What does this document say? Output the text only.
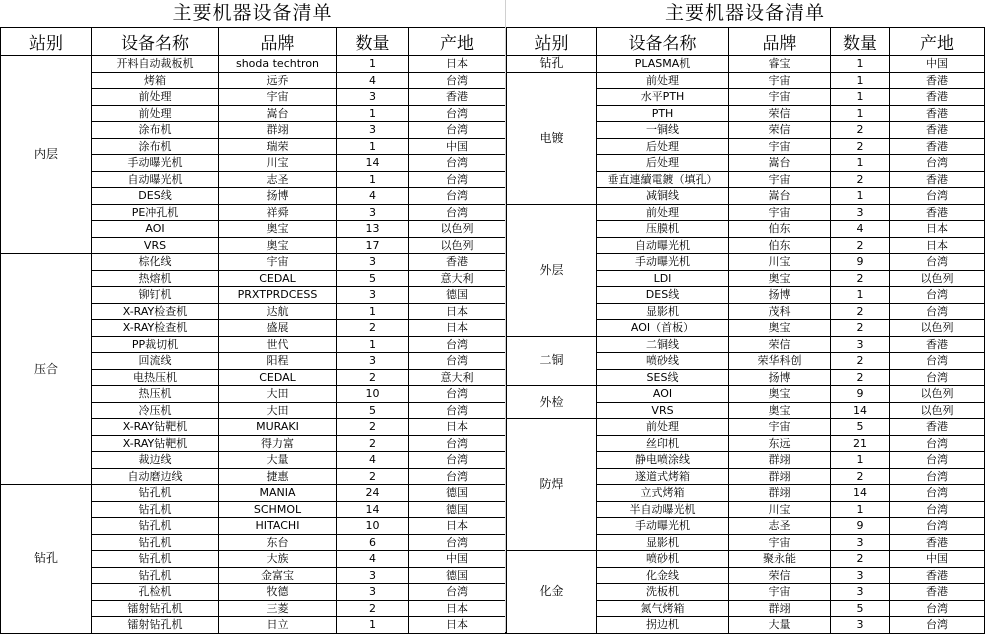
主要机器设备清单
站别	设备名称	品牌	数量	产地
内层	开料自动裁板机	shoda techtron	1	日本
	烤箱	远乔	4	台湾
	前处理	宇宙	3	香港
	前处理	嵩台	1	台湾
	涂布机	群翊	3	台湾
	涂布机	瑞荣	1	中国
	手动曝光机	川宝	14	台湾
	自动曝光机	志圣	1	台湾
	DES线	扬博	4	台湾
	PE冲孔机	祥舜	3	台湾
	AOI	奥宝	13	以色列
	VRS	奥宝	17	以色列
压合	棕化线	宇宙	3	香港
	热熔机	CEDAL	5	意大利
	铆钉机	PRXTPRDCESS	3	德国
	X-RAY检查机	达航	1	日本
	X-RAY检查机	盛展	2	日本
	PP裁切机	世代	1	台湾
	回流线	阳程	3	台湾
	电热压机	CEDAL	2	意大利
	热压机	大田	10	台湾
	冷压机	大田	5	台湾
	X-RAY钻靶机	MURAKI	2	日本
	X-RAY钻靶机	得力富	2	台湾
	裁边线	大量	4	台湾
	自动磨边线	捷惠	2	台湾
钻孔	钻孔机	MANIA	24	德国
	钻孔机	SCHMOL	14	德国
	钻孔机	HITACHI	10	日本
	钻孔机	东台	6	台湾
	钻孔机	大族	4	中国
	钻孔机	金富宝	3	德国
	孔检机	牧德	3	台湾
	镭射钻孔机	三菱	2	日本
	镭射钻孔机	日立	1	日本
主要机器设备清单
站别	设备名称	品牌	数量	产地
钻孔	PLASMA机	睿宝	1	中国
电镀	前处理	宇宙	1	香港
	水平PTH	宇宙	1	香港
	PTH	荣信	1	香港
	一铜线	荣信	2	香港
	后处理	宇宙	2	香港
	后处理	嵩台	1	台湾
	垂直連續電鍍（填孔）	宇宙	2	香港
	减铜线	嵩台	1	台湾
外层	前处理	宇宙	3	香港
	压膜机	伯东	4	日本
	自动曝光机	伯东	2	日本
	手动曝光机	川宝	9	台湾
	LDI	奥宝	2	以色列
	DES线	扬博	1	台湾
	显影机	茂科	2	台湾
	AOI（首板）	奥宝	2	以色列
二铜	二铜线	荣信	3	香港
	喷砂线	荣华科创	2	台湾
	SES线	扬博	2	台湾
外检	AOI	奥宝	9	以色列
	VRS	奥宝	14	以色列
防焊	前处理	宇宙	5	香港
	丝印机	东远	21	台湾
	静电喷涂线	群翊	1	台湾
	遂道式烤箱	群翊	2	台湾
	立式烤箱	群翊	14	台湾
	半自动曝光机	川宝	1	台湾
	手动曝光机	志圣	9	台湾
	显影机	宇宙	3	香港
化金	喷砂机	聚永能	2	中国
	化金线	荣信	3	香港
	洗板机	宇宙	3	香港
	氮气烤箱	群翊	5	台湾
	拐边机	大量	3	台湾
